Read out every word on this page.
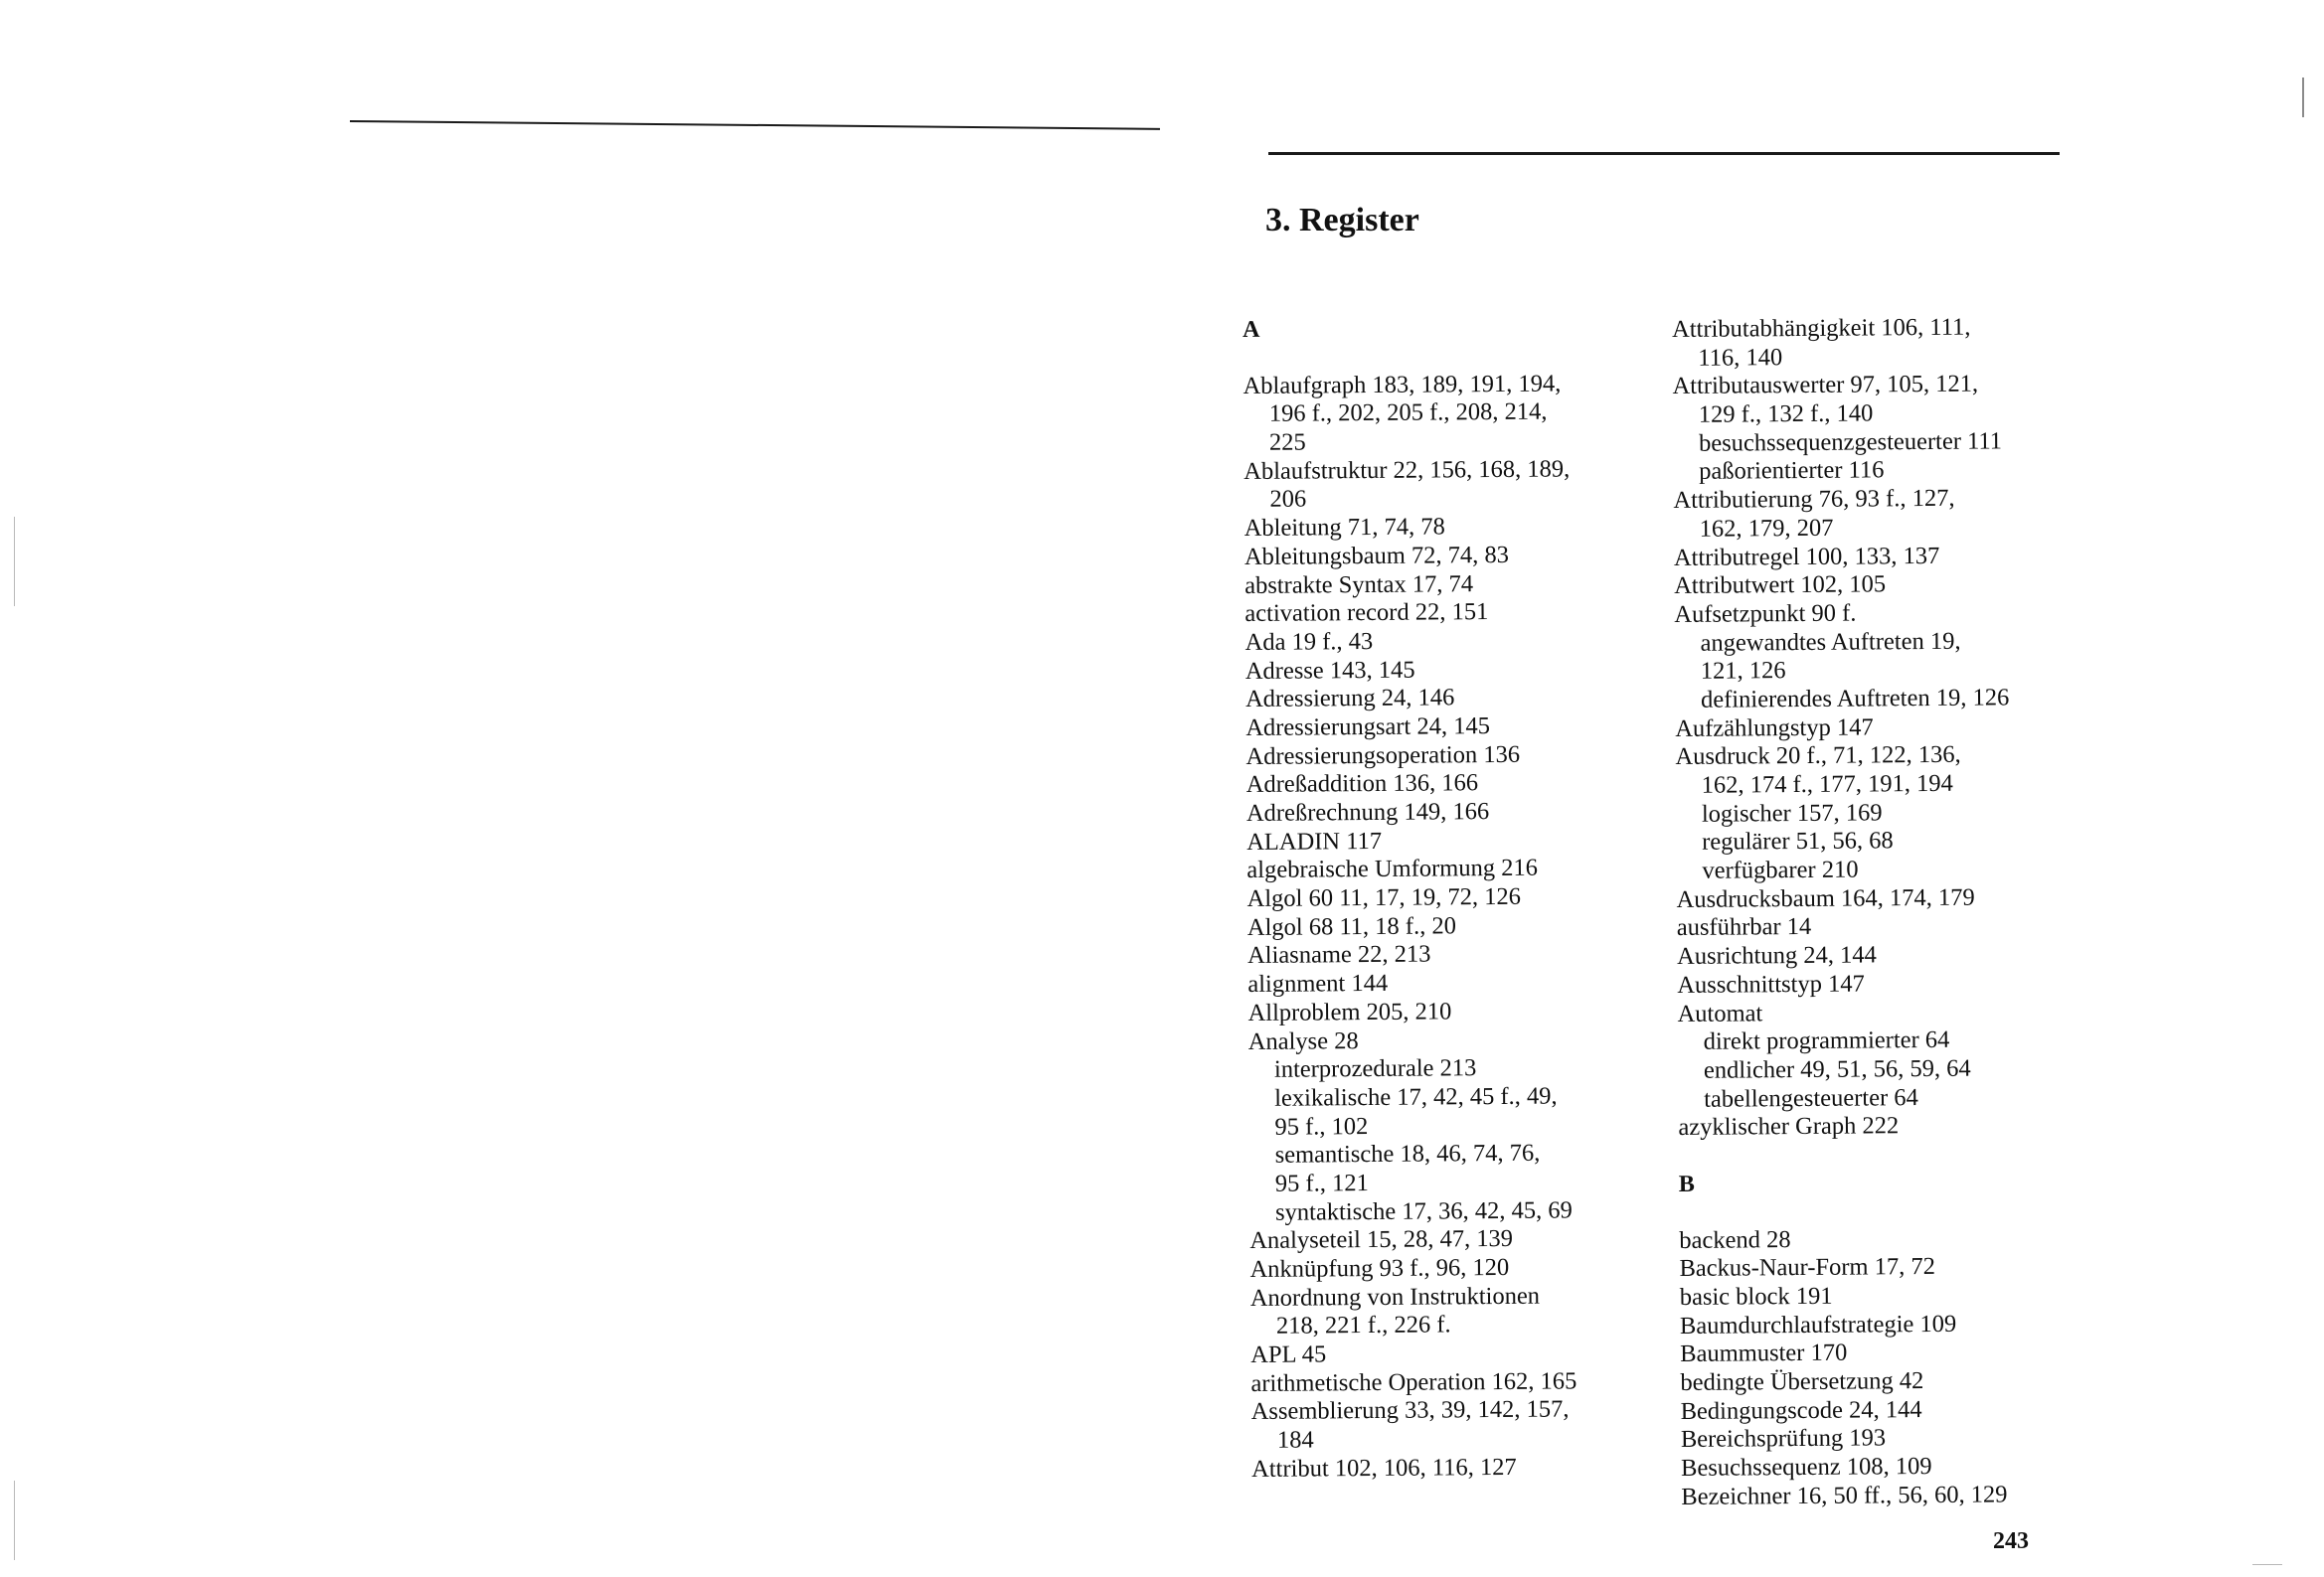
3. Register
A
Ablaufgraph 183, 189, 191, 194,
196 f., 202, 205 f., 208, 214,
225
Ablaufstruktur 22, 156, 168, 189,
206
Ableitung 71, 74, 78
Ableitungsbaum 72, 74, 83
abstrakte Syntax 17, 74
activation record 22, 151
Ada 19 f., 43
Adresse 143, 145
Adressierung 24, 146
Adressierungsart 24, 145
Adressierungsoperation 136
Adreßaddition 136, 166
Adreßrechnung 149, 166
ALADIN 117
algebraische Umformung 216
Algol 60 11, 17, 19, 72, 126
Algol 68 11, 18 f., 20
Aliasname 22, 213
alignment 144
Allproblem 205, 210
Analyse 28
interprozedurale 213
lexikalische 17, 42, 45 f., 49,
95 f., 102
semantische 18, 46, 74, 76,
95 f., 121
syntaktische 17, 36, 42, 45, 69
Analyseteil 15, 28, 47, 139
Anknüpfung 93 f., 96, 120
Anordnung von Instruktionen
218, 221 f., 226 f.
APL 45
arithmetische Operation 162, 165
Assemblierung 33, 39, 142, 157,
184
Attribut 102, 106, 116, 127
Attributabhängigkeit 106, 111,
116, 140
Attributauswerter 97, 105, 121,
129 f., 132 f., 140
besuchssequenzgesteuerter 111
paßorientierter 116
Attributierung 76, 93 f., 127,
162, 179, 207
Attributregel 100, 133, 137
Attributwert 102, 105
Aufsetzpunkt 90 f.
angewandtes Auftreten 19,
121, 126
definierendes Auftreten 19, 126
Aufzählungstyp 147
Ausdruck 20 f., 71, 122, 136,
162, 174 f., 177, 191, 194
logischer 157, 169
regulärer 51, 56, 68
verfügbarer 210
Ausdrucksbaum 164, 174, 179
ausführbar 14
Ausrichtung 24, 144
Ausschnittstyp 147
Automat
direkt programmierter 64
endlicher 49, 51, 56, 59, 64
tabellengesteuerter 64
azyklischer Graph 222
B
backend 28
Backus-Naur-Form 17, 72
basic block 191
Baumdurchlaufstrategie 109
Baummuster 170
bedingte Übersetzung 42
Bedingungscode 24, 144
Bereichsprüfung 193
Besuchssequenz 108, 109
Bezeichner 16, 50 ff., 56, 60, 129
243
